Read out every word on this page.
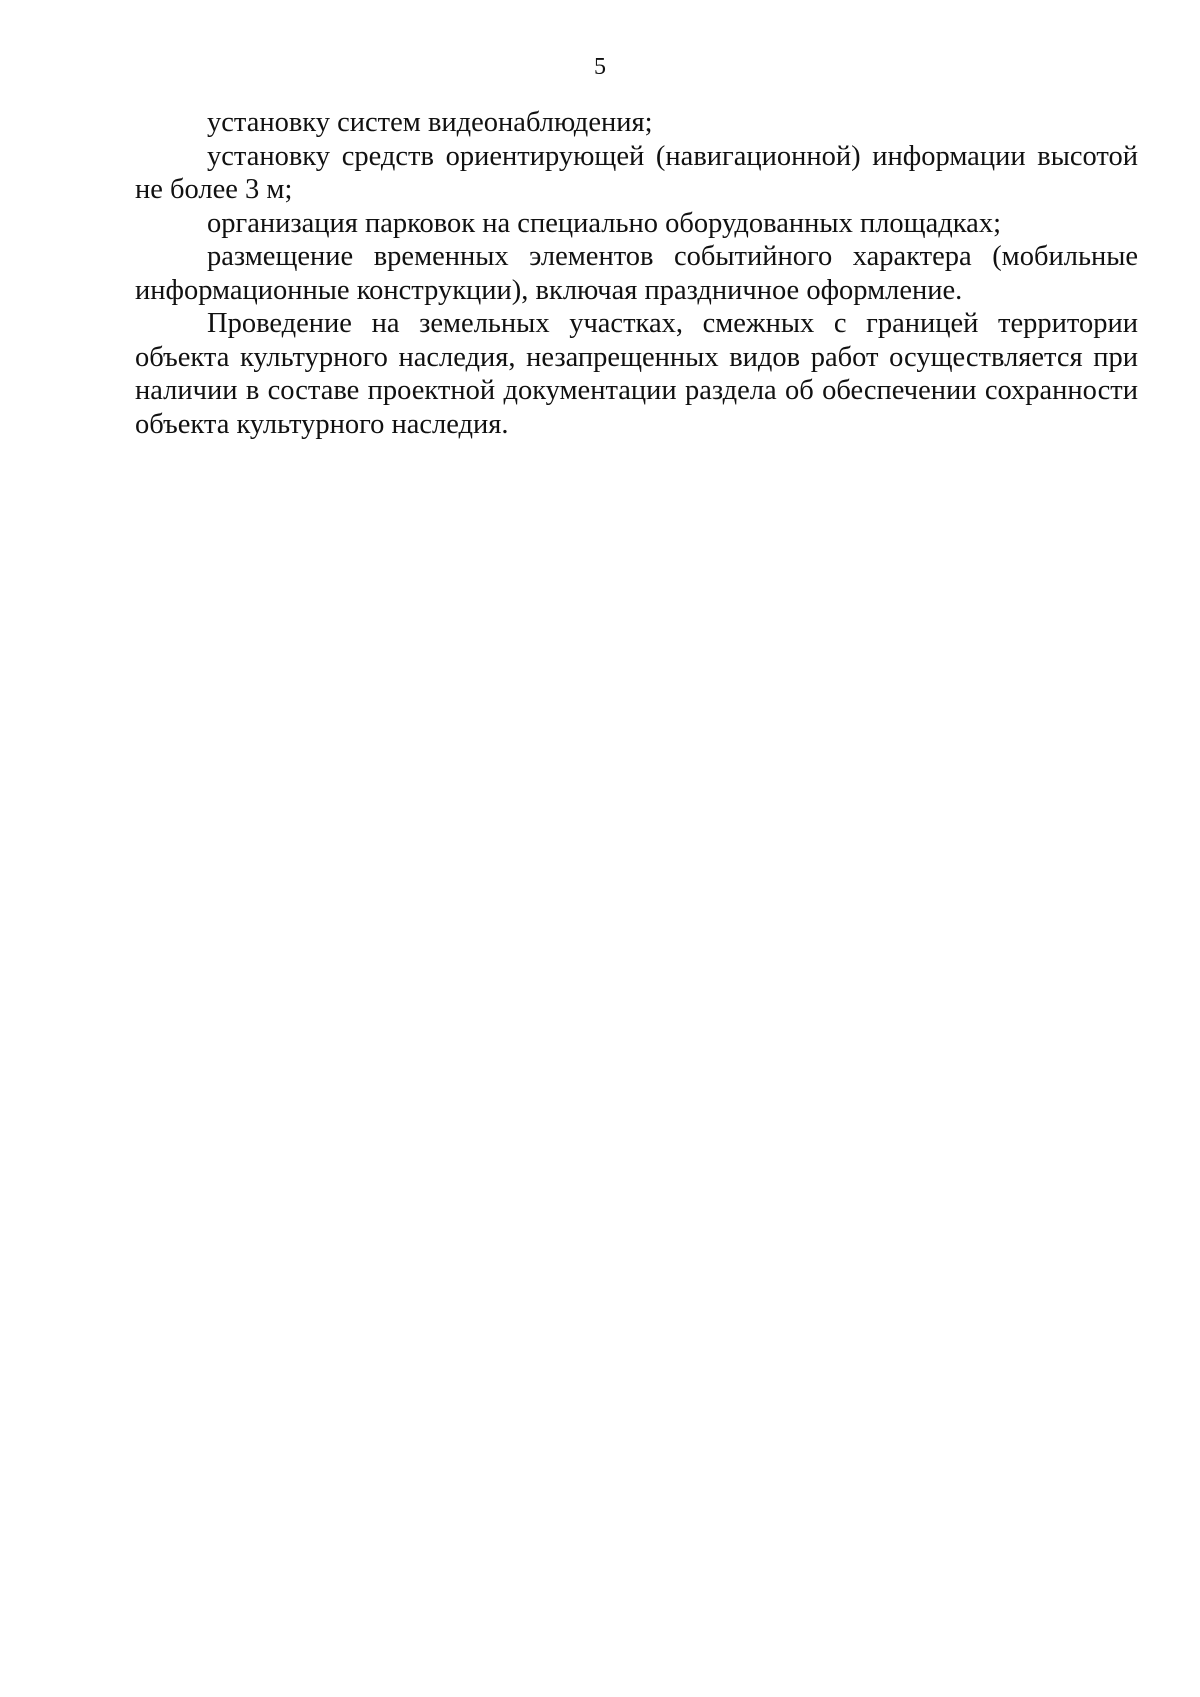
5

установку систем видеонаблюдения;

установку средств ориентирующей (навигационной) информации высотой не более 3 м;

организация парковок на специально оборудованных площадках;

размещение временных элементов событийного характера (мобильные информационные конструкции), включая праздничное оформление.

Проведение на земельных участках, смежных с границей территории объекта культурного наследия, незапрещенных видов работ осуществляется при наличии в составе проектной документации раздела об обеспечении сохранности объекта культурного наследия.
